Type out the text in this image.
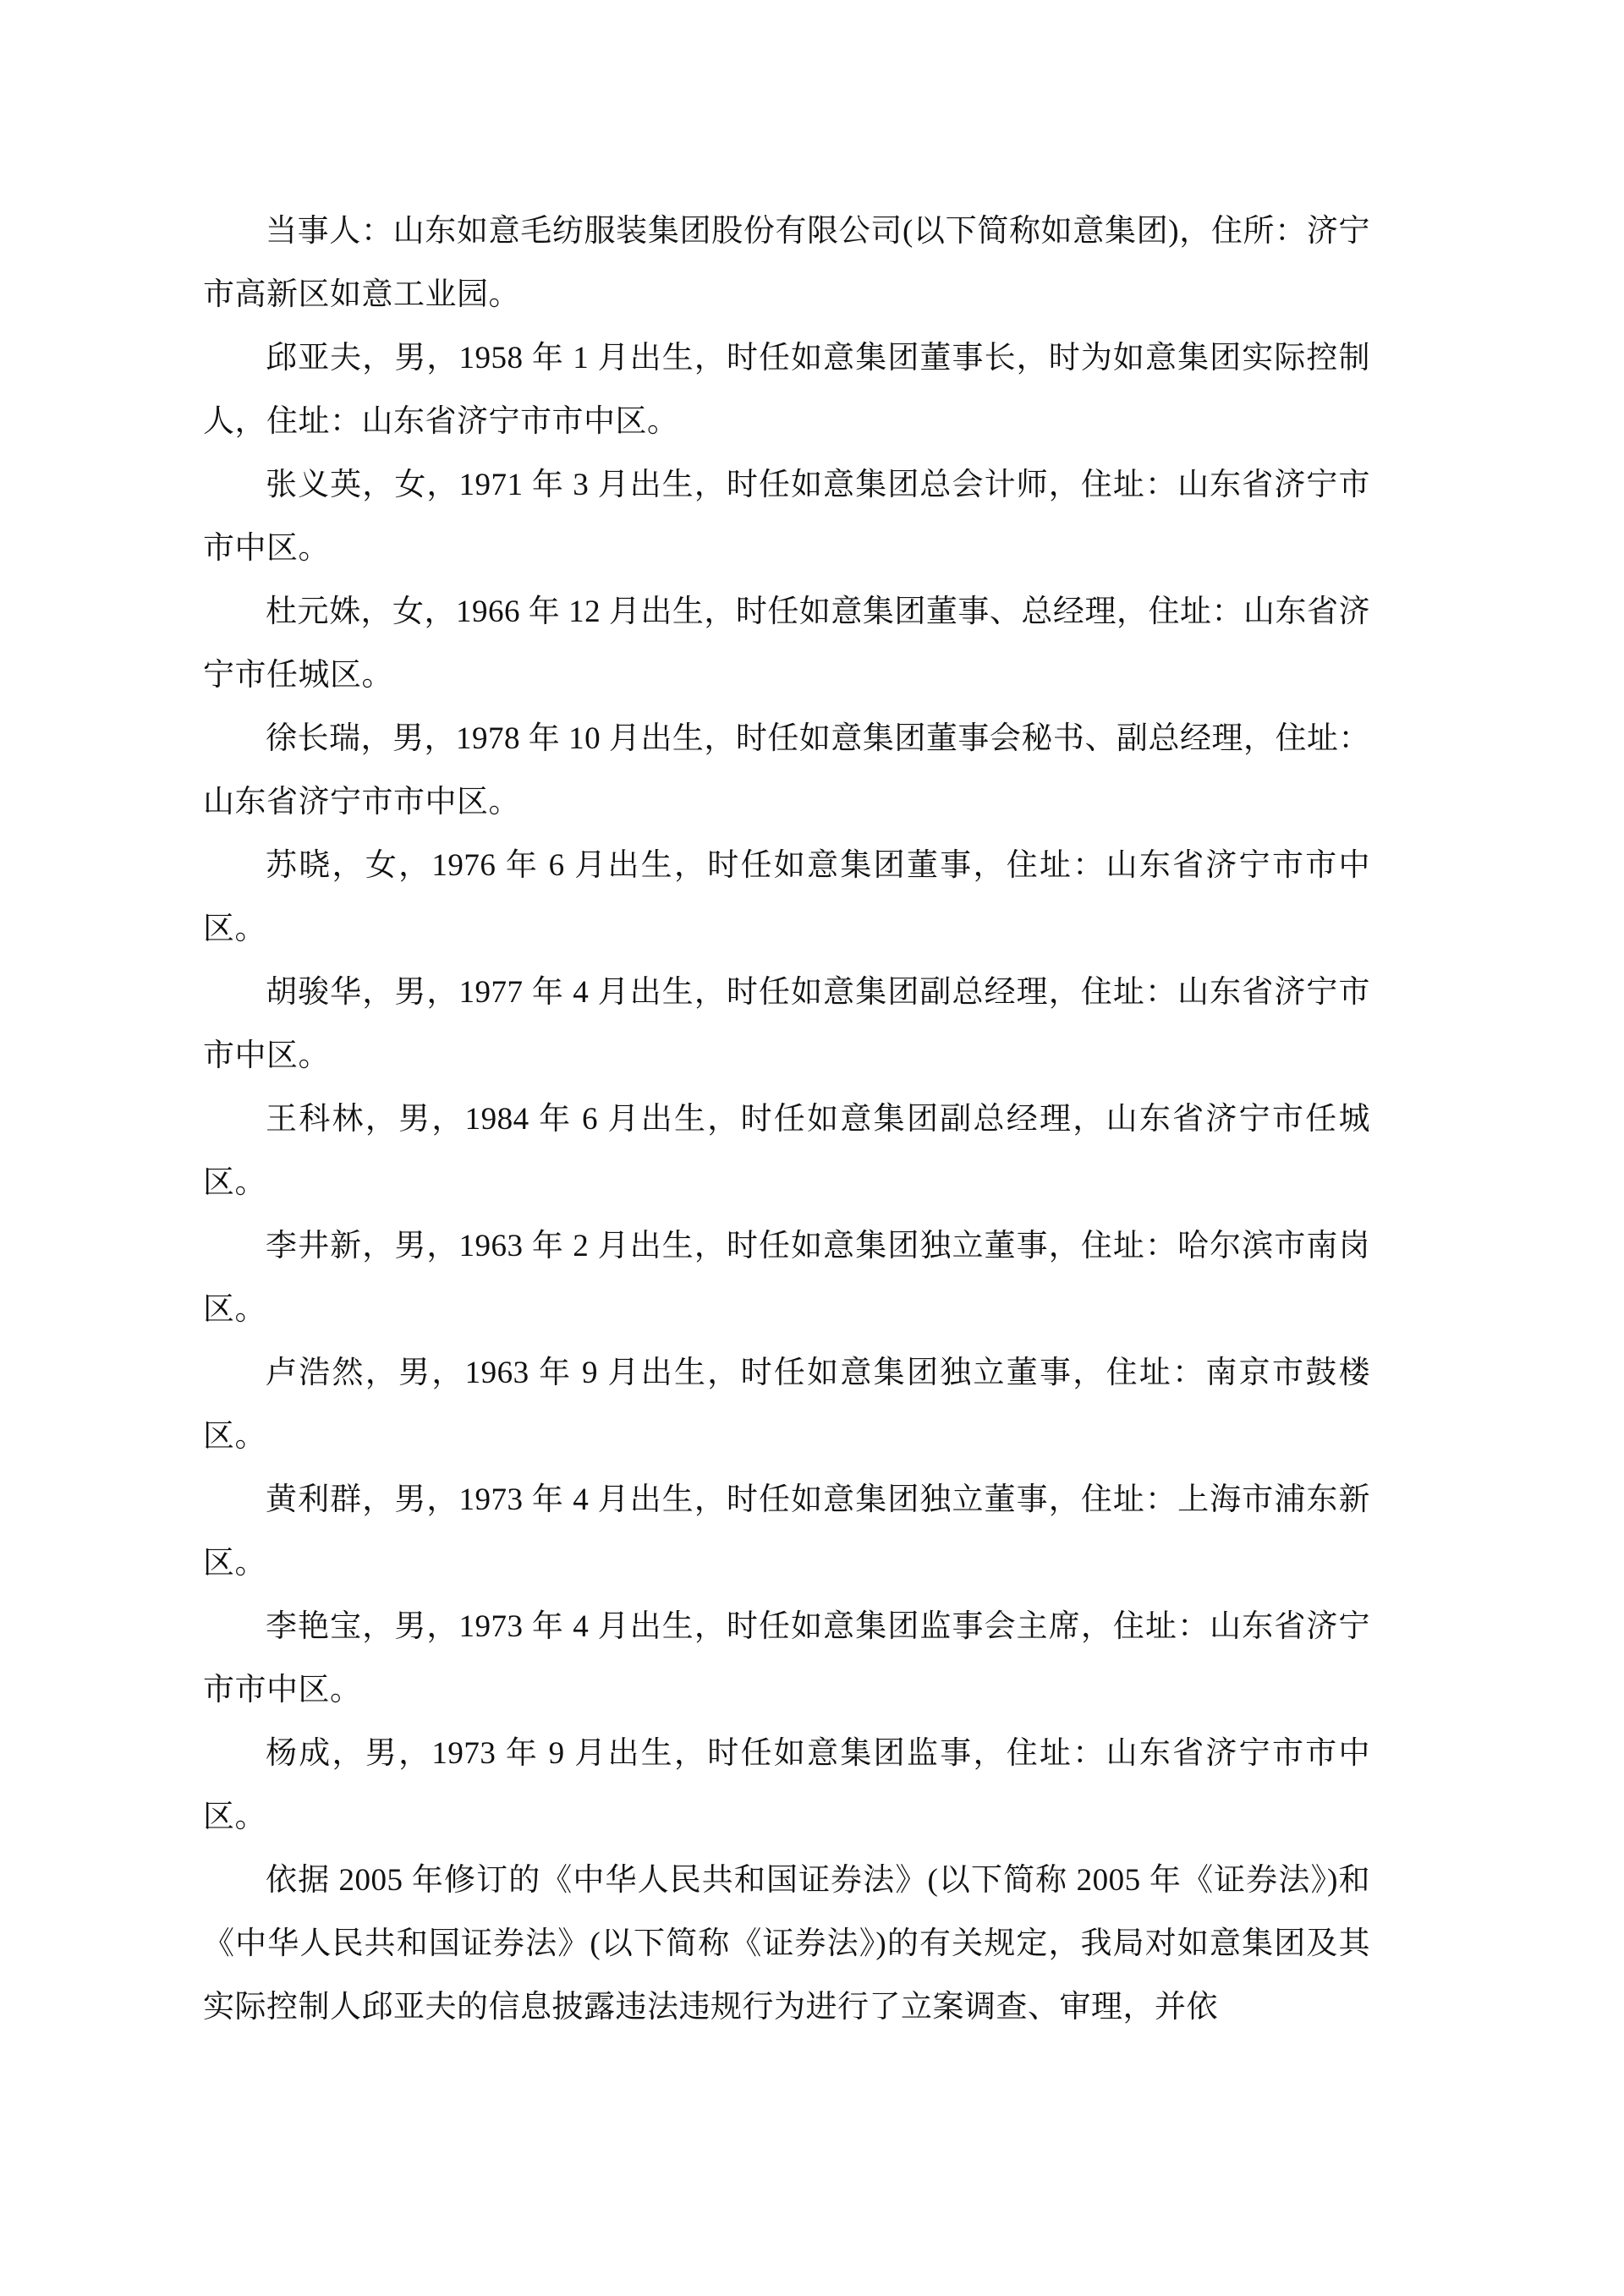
当事人：山东如意毛纺服装集团股份有限公司(以下简称如意集团)，住所：济宁市高新区如意工业园。

邱亚夫，男，1958 年 1 月出生，时任如意集团董事长，时为如意集团实际控制人，住址：山东省济宁市市中区。

张义英，女，1971 年 3 月出生，时任如意集团总会计师，住址：山东省济宁市市中区。

杜元姝，女，1966 年 12 月出生，时任如意集团董事、总经理，住址：山东省济宁市任城区。

徐长瑞，男，1978 年 10 月出生，时任如意集团董事会秘书、副总经理，住址：山东省济宁市市中区。

苏晓，女，1976 年 6 月出生，时任如意集团董事，住址：山东省济宁市市中区。

胡骏华，男，1977 年 4 月出生，时任如意集团副总经理，住址：山东省济宁市市中区。

王科林，男，1984 年 6 月出生，时任如意集团副总经理，山东省济宁市任城区。

李井新，男，1963 年 2 月出生，时任如意集团独立董事，住址：哈尔滨市南岗区。

卢浩然，男，1963 年 9 月出生，时任如意集团独立董事，住址：南京市鼓楼区。

黄利群，男，1973 年 4 月出生，时任如意集团独立董事，住址：上海市浦东新区。

李艳宝，男，1973 年 4 月出生，时任如意集团监事会主席，住址：山东省济宁市市中区。

杨成，男，1973 年 9 月出生，时任如意集团监事，住址：山东省济宁市市中区。

依据 2005 年修订的《中华人民共和国证券法》(以下简称 2005 年《证券法》)和《中华人民共和国证券法》(以下简称《证券法》)的有关规定，我局对如意集团及其实际控制人邱亚夫的信息披露违法违规行为进行了立案调查、审理，并依
